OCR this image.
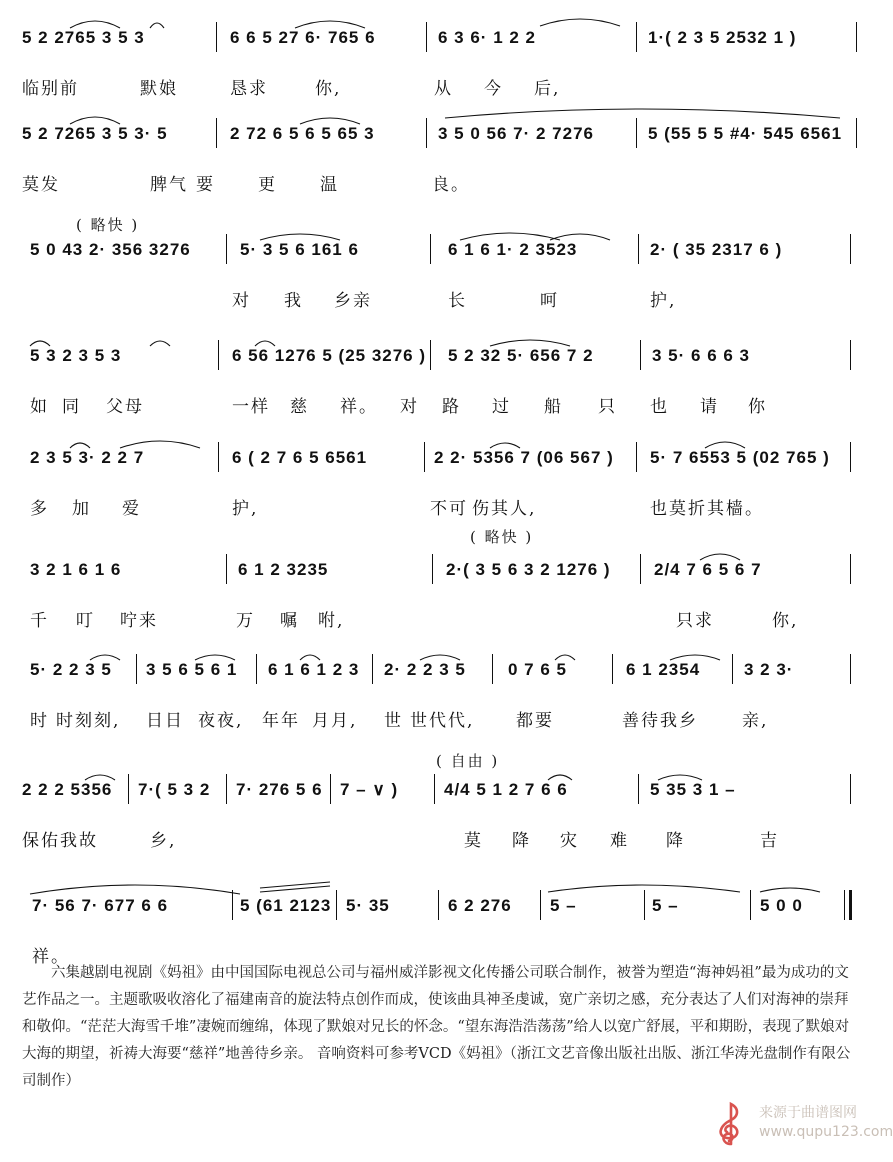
5 2 2765 3 5 3	6 6 5 27 6· 765 6	6 3 6· 1 2 2	1·( 2 3 5 2532 1 )
临别前	默娘	恳求	你,	从 今 后,
5 2 7265 3 5 3· 5	2 72 6 5 6 5 65 3	3 5 0 56 7· 2 7276	5 (55 5 5 #4· 545 6561
莫发	脾气 要	更	温	良。
( 略快 )
5 0 43 2· 356 3276	5· 3 5 6 161 6	6 1 6 1· 2 3523	2· ( 35 2317 6 )
对 我 乡亲	长	呵	护,
5 3 2 3 5 3	6 56 1276 5 (25 3276 ) 5 2 32 5· 656 7 2	3 5· 6 6 6 3
如 同 父母	一样 慈 祥。 对 路 过 船 只 也 请 你
2 3 5 3· 2 2 7	6 ( 2 7 6 5 6561	2 2· 5356 7 (06 567 ) 5· 7 6553 5 (02 765 )
多 加 爱	护,	不可 伤其人,	也莫折其樯。
( 略快 )
3 2 1 6 1 6	6 1 2 3235	2·( 3 5 6 3 2 1276 )	2/4 7 6 5 6 7
千 叮 咛来	万 嘱 咐,	只求	你,
5· 2 2 3 5 3 5 6 5 6 1 6 1 6 1 2 3 2· 2 2 3 5 0 7 6 5	6 1 2354	3 2 3·
时 时刻刻, 日日 夜夜, 年年 月月, 世 世代代, 都要	善待我乡	亲,
( 自由 )
2 2 2 5356 7·( 5 3 2 7· 276 5 6 7 – ∨ )	4/4 5 1 2 7 6 6	5 35 3 1 –
保佑我故	乡,	莫 降 灾 难 降	吉
7· 56 7· 677 6 6	5 (61 2123 5· 35	6 2 276 5 –	5 –	5 0 0
祥。

六集越剧电视剧《妈祖》由中国国际电视总公司与福州威洋影视文化传播公司联合制作，被誉为塑造“海神妈祖”最为成功的文艺作品之一。主题歌吸收溶化了福建南音的旋法特点创作而成，使该曲具神圣虔诚，宽广亲切之感，充分表达了人们对海神的崇拜和敬仰。“茫茫大海雪千堆”凄婉而缠绵，体现了默娘对兄长的怀念。“望东海浩浩荡荡”给人以宽广舒展，平和期盼，表现了默娘对大海的期望，祈祷大海要“慈祥”地善待乡亲。 音响资料可参考VCD《妈祖》（浙江文艺音像出版社出版、浙江华涛光盘制作有限公司制作）

来源于曲谱图网
www.qupu123.com
